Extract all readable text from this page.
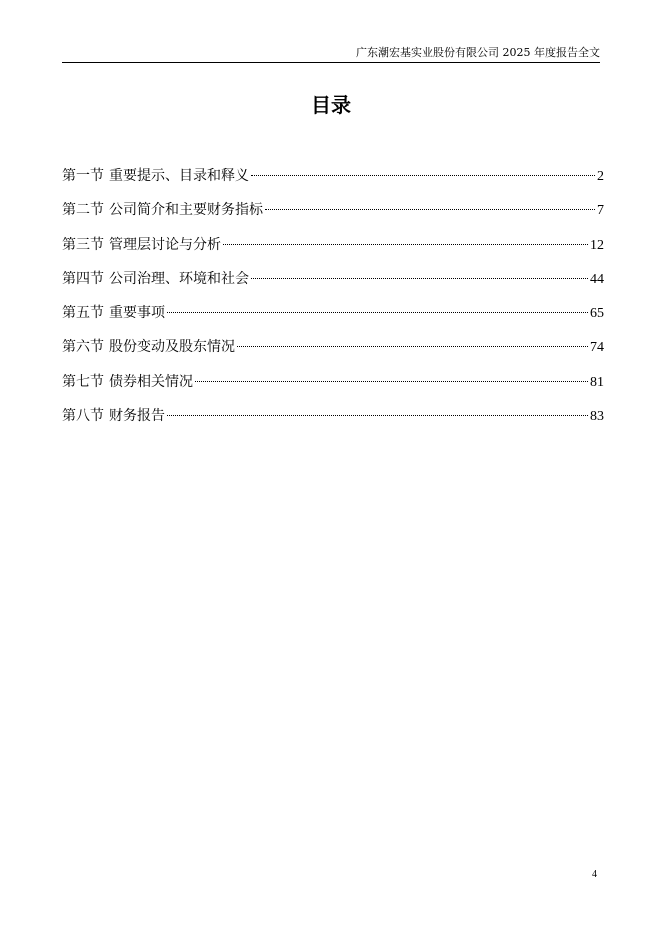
广东潮宏基实业股份有限公司 2025 年度报告全文
目录
第一节 重要提示、目录和释义	2
第二节 公司简介和主要财务指标	7
第三节 管理层讨论与分析	12
第四节 公司治理、环境和社会	44
第五节 重要事项	65
第六节 股份变动及股东情况	74
第七节 债券相关情况	81
第八节 财务报告	83
4
